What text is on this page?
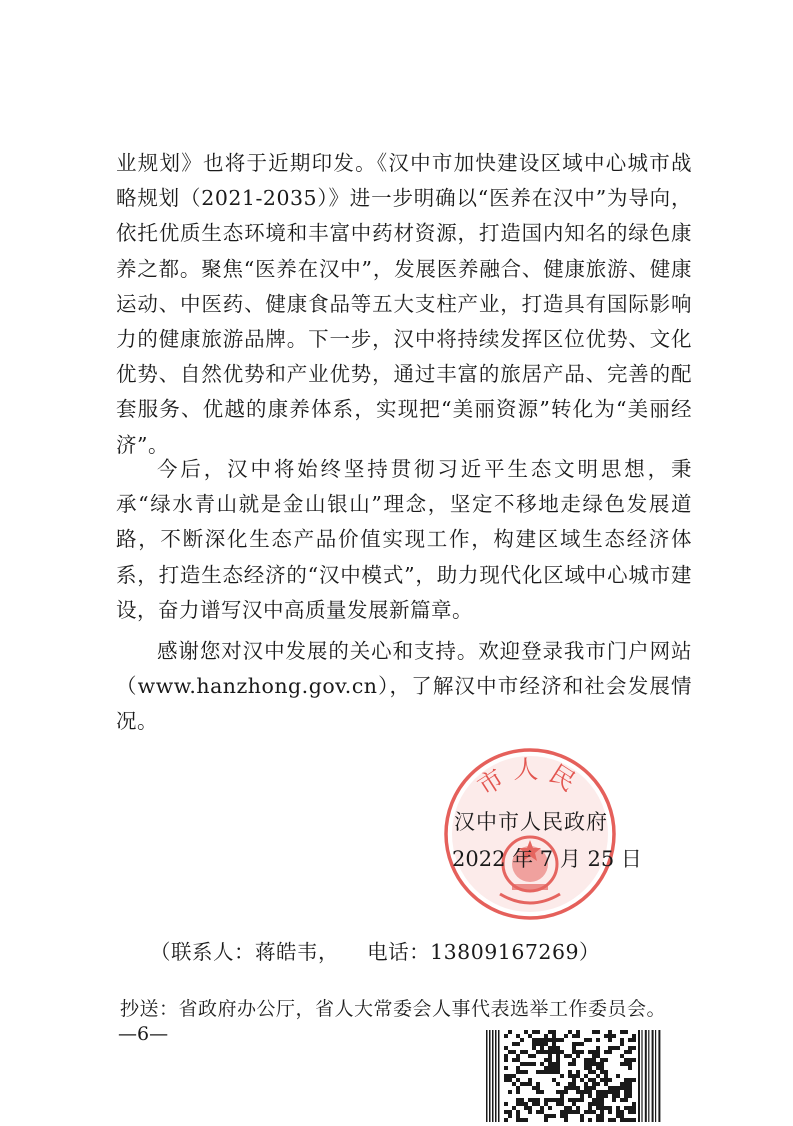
业规划》也将于近期印发。《汉中市加快建设区域中心城市战略规划（2021-2035）》进一步明确以“医养在汉中”为导向，依托优质生态环境和丰富中药材资源，打造国内知名的绿色康养之都。聚焦“医养在汉中”，发展医养融合、健康旅游、健康运动、中医药、健康食品等五大支柱产业，打造具有国际影响力的健康旅游品牌。下一步，汉中将持续发挥区位优势、文化优势、自然优势和产业优势，通过丰富的旅居产品、完善的配套服务、优越的康养体系，实现把“美丽资源”转化为“美丽经济”。

今后，汉中将始终坚持贯彻习近平生态文明思想，秉承“绿水青山就是金山银山”理念，坚定不移地走绿色发展道路，不断深化生态产品价值实现工作，构建区域生态经济体系，打造生态经济的“汉中模式”，助力现代化区域中心城市建设，奋力谱写汉中高质量发展新篇章。

感谢您对汉中发展的关心和支持。欢迎登录我市门户网站（www.hanzhong.gov.cn），了解汉中市经济和社会发展情况。

市人民
汉中市人民政府
2022 年 7 月 25 日
（联系人：蒋皓韦，    电话：13809167269）
抄送：省政府办公厅，省人大常委会人事代表选举工作委员会。
—6—
